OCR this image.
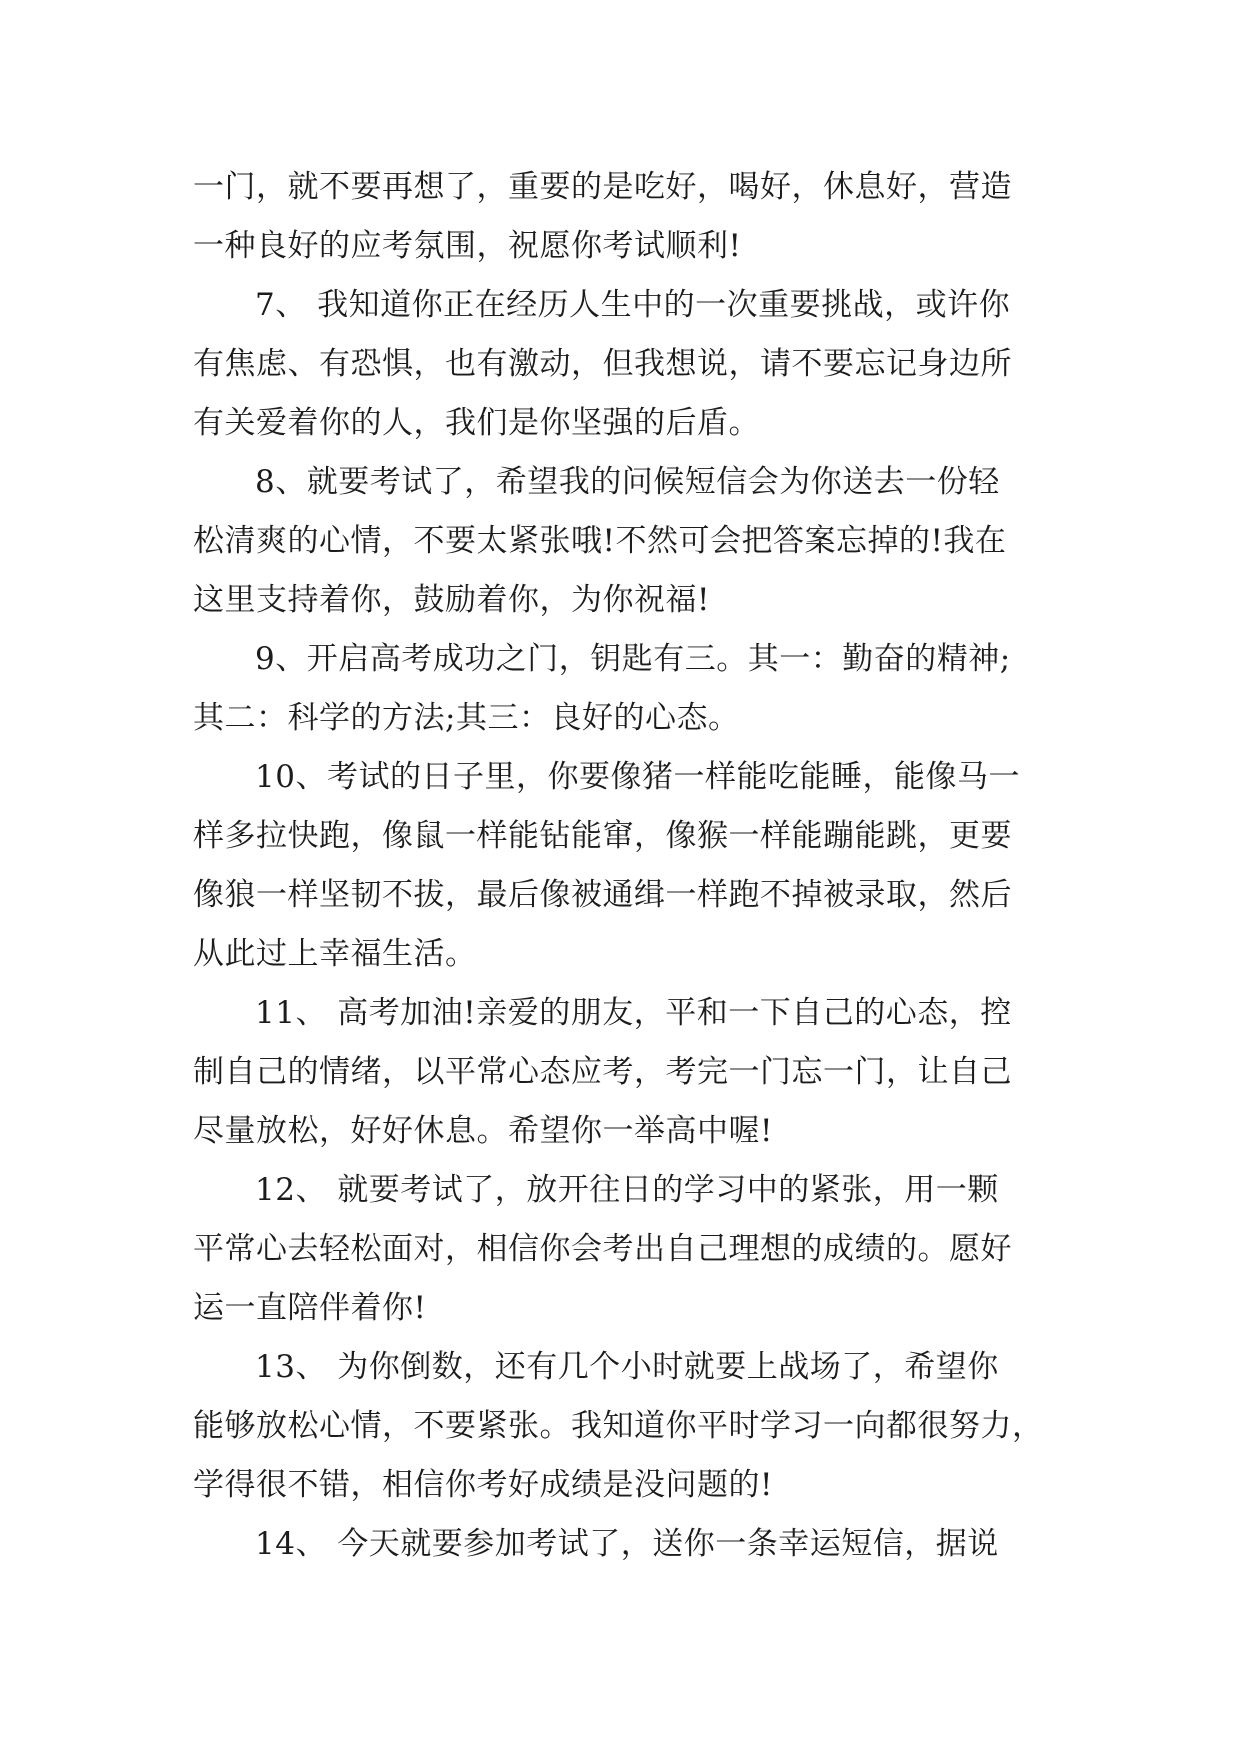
一门，就不要再想了，重要的是吃好，喝好，休息好，营造
一种良好的应考氛围，祝愿你考试顺利!
7、 我知道你正在经历人生中的一次重要挑战，或许你
有焦虑、有恐惧，也有激动，但我想说，请不要忘记身边所
有关爱着你的人，我们是你坚强的后盾。
8、就要考试了，希望我的问候短信会为你送去一份轻
松清爽的心情，不要太紧张哦!不然可会把答案忘掉的!我在
这里支持着你，鼓励着你，为你祝福!
9、开启高考成功之门，钥匙有三。其一：勤奋的精神;
其二：科学的方法;其三：良好的心态。
10、考试的日子里，你要像猪一样能吃能睡，能像马一
样多拉快跑，像鼠一样能钻能窜，像猴一样能蹦能跳，更要
像狼一样坚韧不拔，最后像被通缉一样跑不掉被录取，然后
从此过上幸福生活。
11、 高考加油!亲爱的朋友，平和一下自己的心态，控
制自己的情绪，以平常心态应考，考完一门忘一门，让自己
尽量放松，好好休息。希望你一举高中喔!
12、 就要考试了，放开往日的学习中的紧张，用一颗
平常心去轻松面对，相信你会考出自己理想的成绩的。愿好
运一直陪伴着你!
13、 为你倒数，还有几个小时就要上战场了，希望你
能够放松心情，不要紧张。我知道你平时学习一向都很努力，
学得很不错，相信你考好成绩是没问题的!
14、 今天就要参加考试了，送你一条幸运短信，据说
